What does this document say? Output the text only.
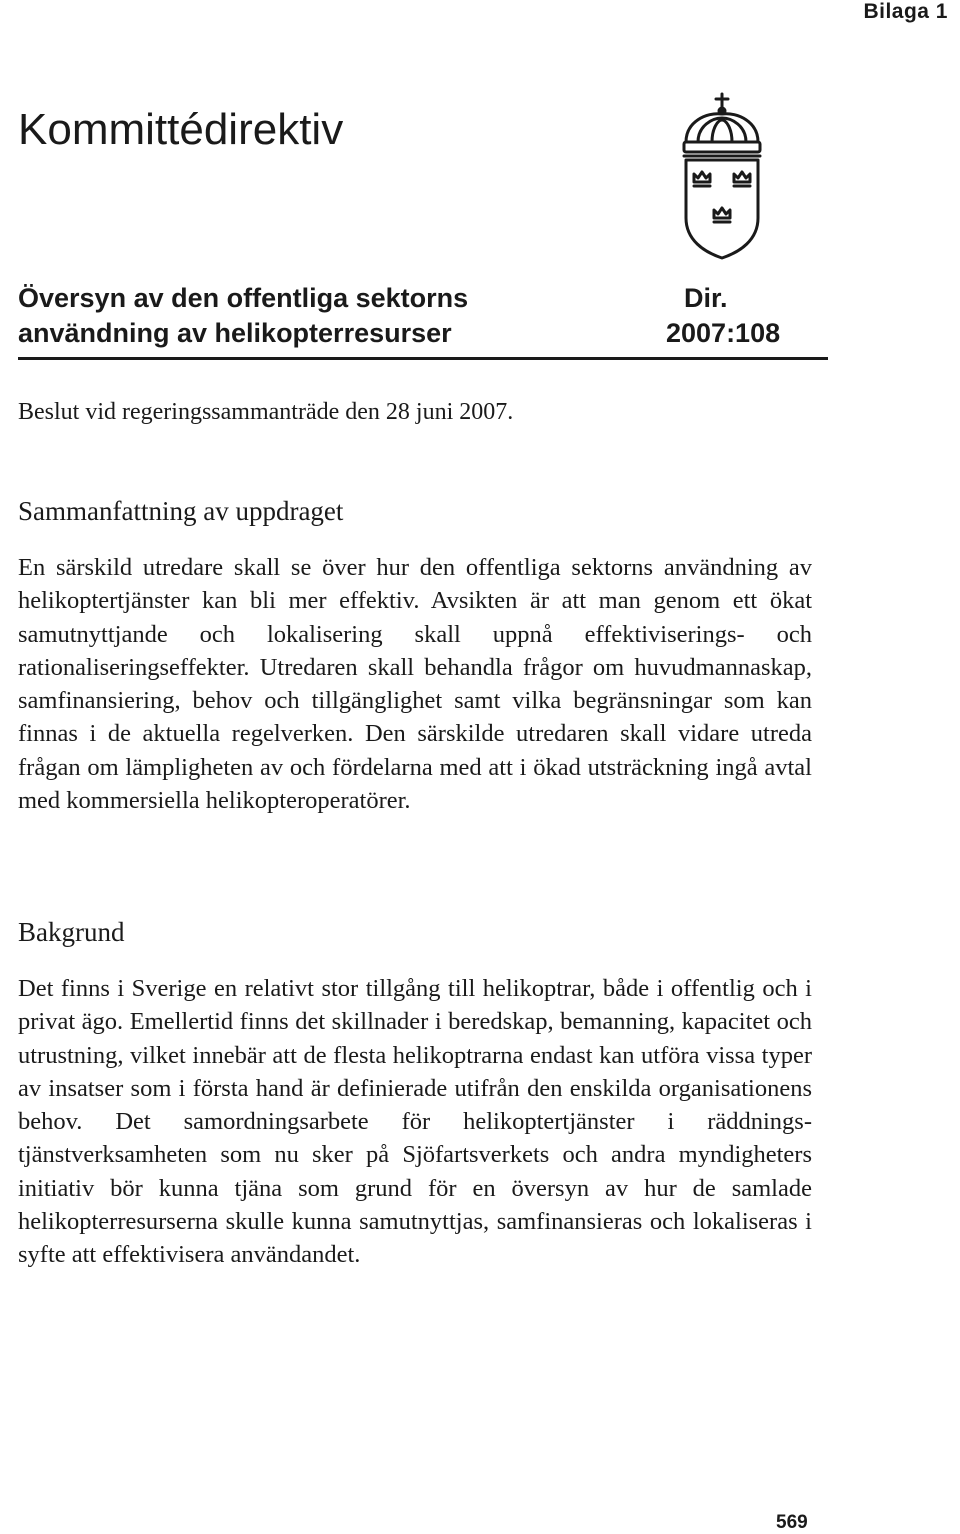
Bilaga 1
Kommittédirektiv
Översyn av den offentliga sektorns användning av helikopterresurser
Dir.
2007:108
Beslut vid regeringssammanträde den 28 juni 2007.
Sammanfattning av uppdraget

En särskild utredare skall se över hur den offentliga sektorns användning av helikoptertjänster kan bli mer effektiv. Avsikten är att man genom ett ökat samutnyttjande och lokalisering skall uppnå effektiviserings- och rationaliseringseffekter. Utredaren skall behandla frågor om huvudmannaskap, samfinansiering, behov och tillgänglighet samt vilka begränsningar som kan finnas i de aktuella regelverken. Den särskilde utredaren skall vidare utreda frågan om lämpligheten av och fördelarna med att i ökad utsträckning ingå avtal med kommersiella helikopteroperatörer.

Bakgrund

Det finns i Sverige en relativt stor tillgång till helikoptrar, både i offentlig och i privat ägo. Emellertid finns det skillnader i beredskap, bemanning, kapacitet och utrustning, vilket innebär att de flesta helikoptrarna endast kan utföra vissa typer av insatser som i första hand är definierade utifrån den enskilda organisationens behov. Det samordningsarbete för helikoptertjänster i räddningstjänstverksamheten som nu sker på Sjöfartsverkets och andra myndigheters initiativ bör kunna tjäna som grund för en översyn av hur de samlade helikopterresurserna skulle kunna samutnyttjas, samfinansieras och lokaliseras i syfte att effektivisera användandet.

569
